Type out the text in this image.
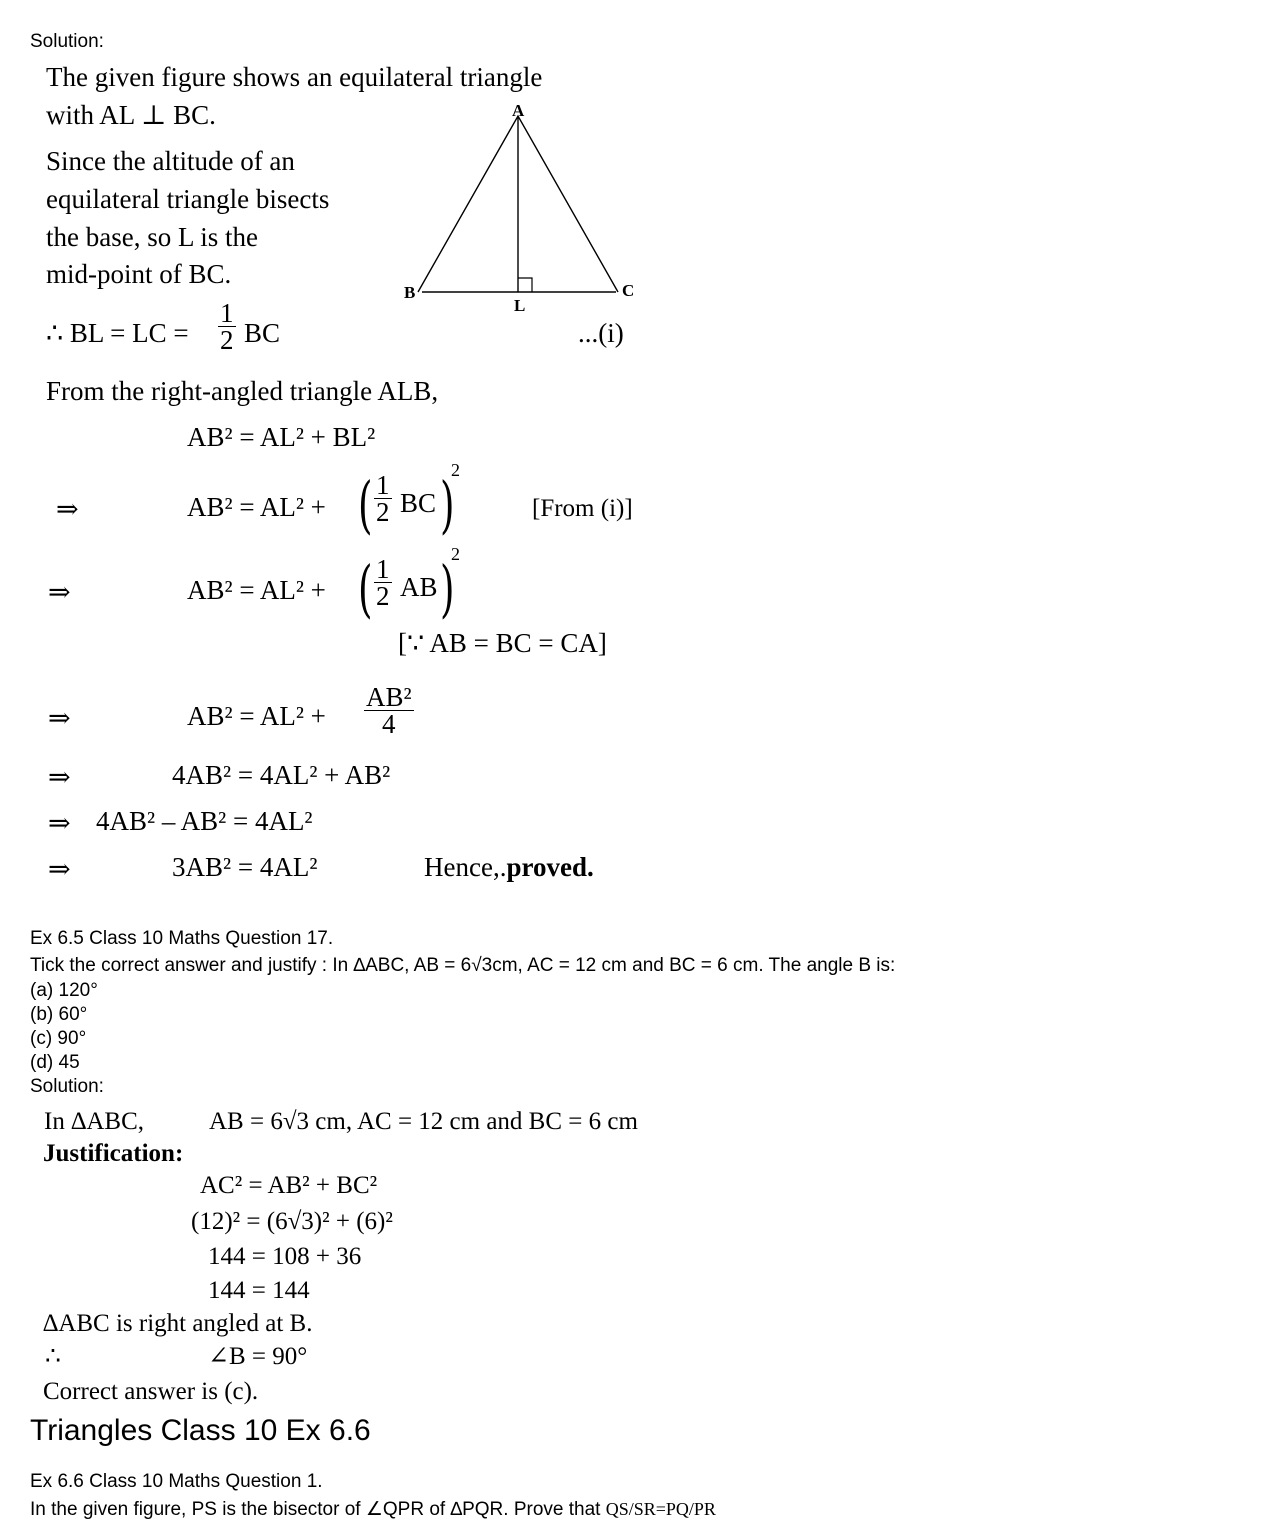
Solution:
The given figure shows an equilateral triangle
with AL ⊥ BC.
Since the altitude of an
equilateral triangle bisects
the base, so L is the
mid-point of BC.
A
B	C
L
∴ BL = LC = $\frac{1}{2}$ BC	...(i)
From the right-angled triangle ALB,
AB² = AL² + BL²
⇒	AB² = AL² + ( $\frac{1}{2}$ BC )
2
[From (i)]
⇒	AB² = AL² + ( $\frac{1}{2}$ AB )
2
[∵ AB = BC = CA]
⇒	$AB^2 = AL^2 + \frac{\text{AB²}}{4}$
⇒	4AB² = 4AL² + AB²
⇒ 4AB² – AB² = 4AL²
⇒	3AB² = 4AL²	Hence,.proved.
Ex 6.5 Class 10 Maths Question 17.
Tick the correct answer and justify : In ∆ABC, AB = 6√3cm, AC = 12 cm and BC = 6 cm. The angle B is:
(a) 120°
(b) 60°
(c) 90°
(d) 45
Solution:
In ∆ABC,	AB = 6√3 cm, AC = 12 cm and BC = 6 cm
Justification:
AC² = AB² + BC²
(12)² = (6√3)² + (6)²
144 = 108 + 36
144 = 144
∆ABC is right angled at B.
∴	∠B = 90°
Correct answer is (c).
Triangles Class 10 Ex 6.6
Ex 6.6 Class 10 Maths Question 1.
In the given figure, PS is the bisector of ∠QPR of ∆PQR. Prove that QS/SR=PQ/PR
